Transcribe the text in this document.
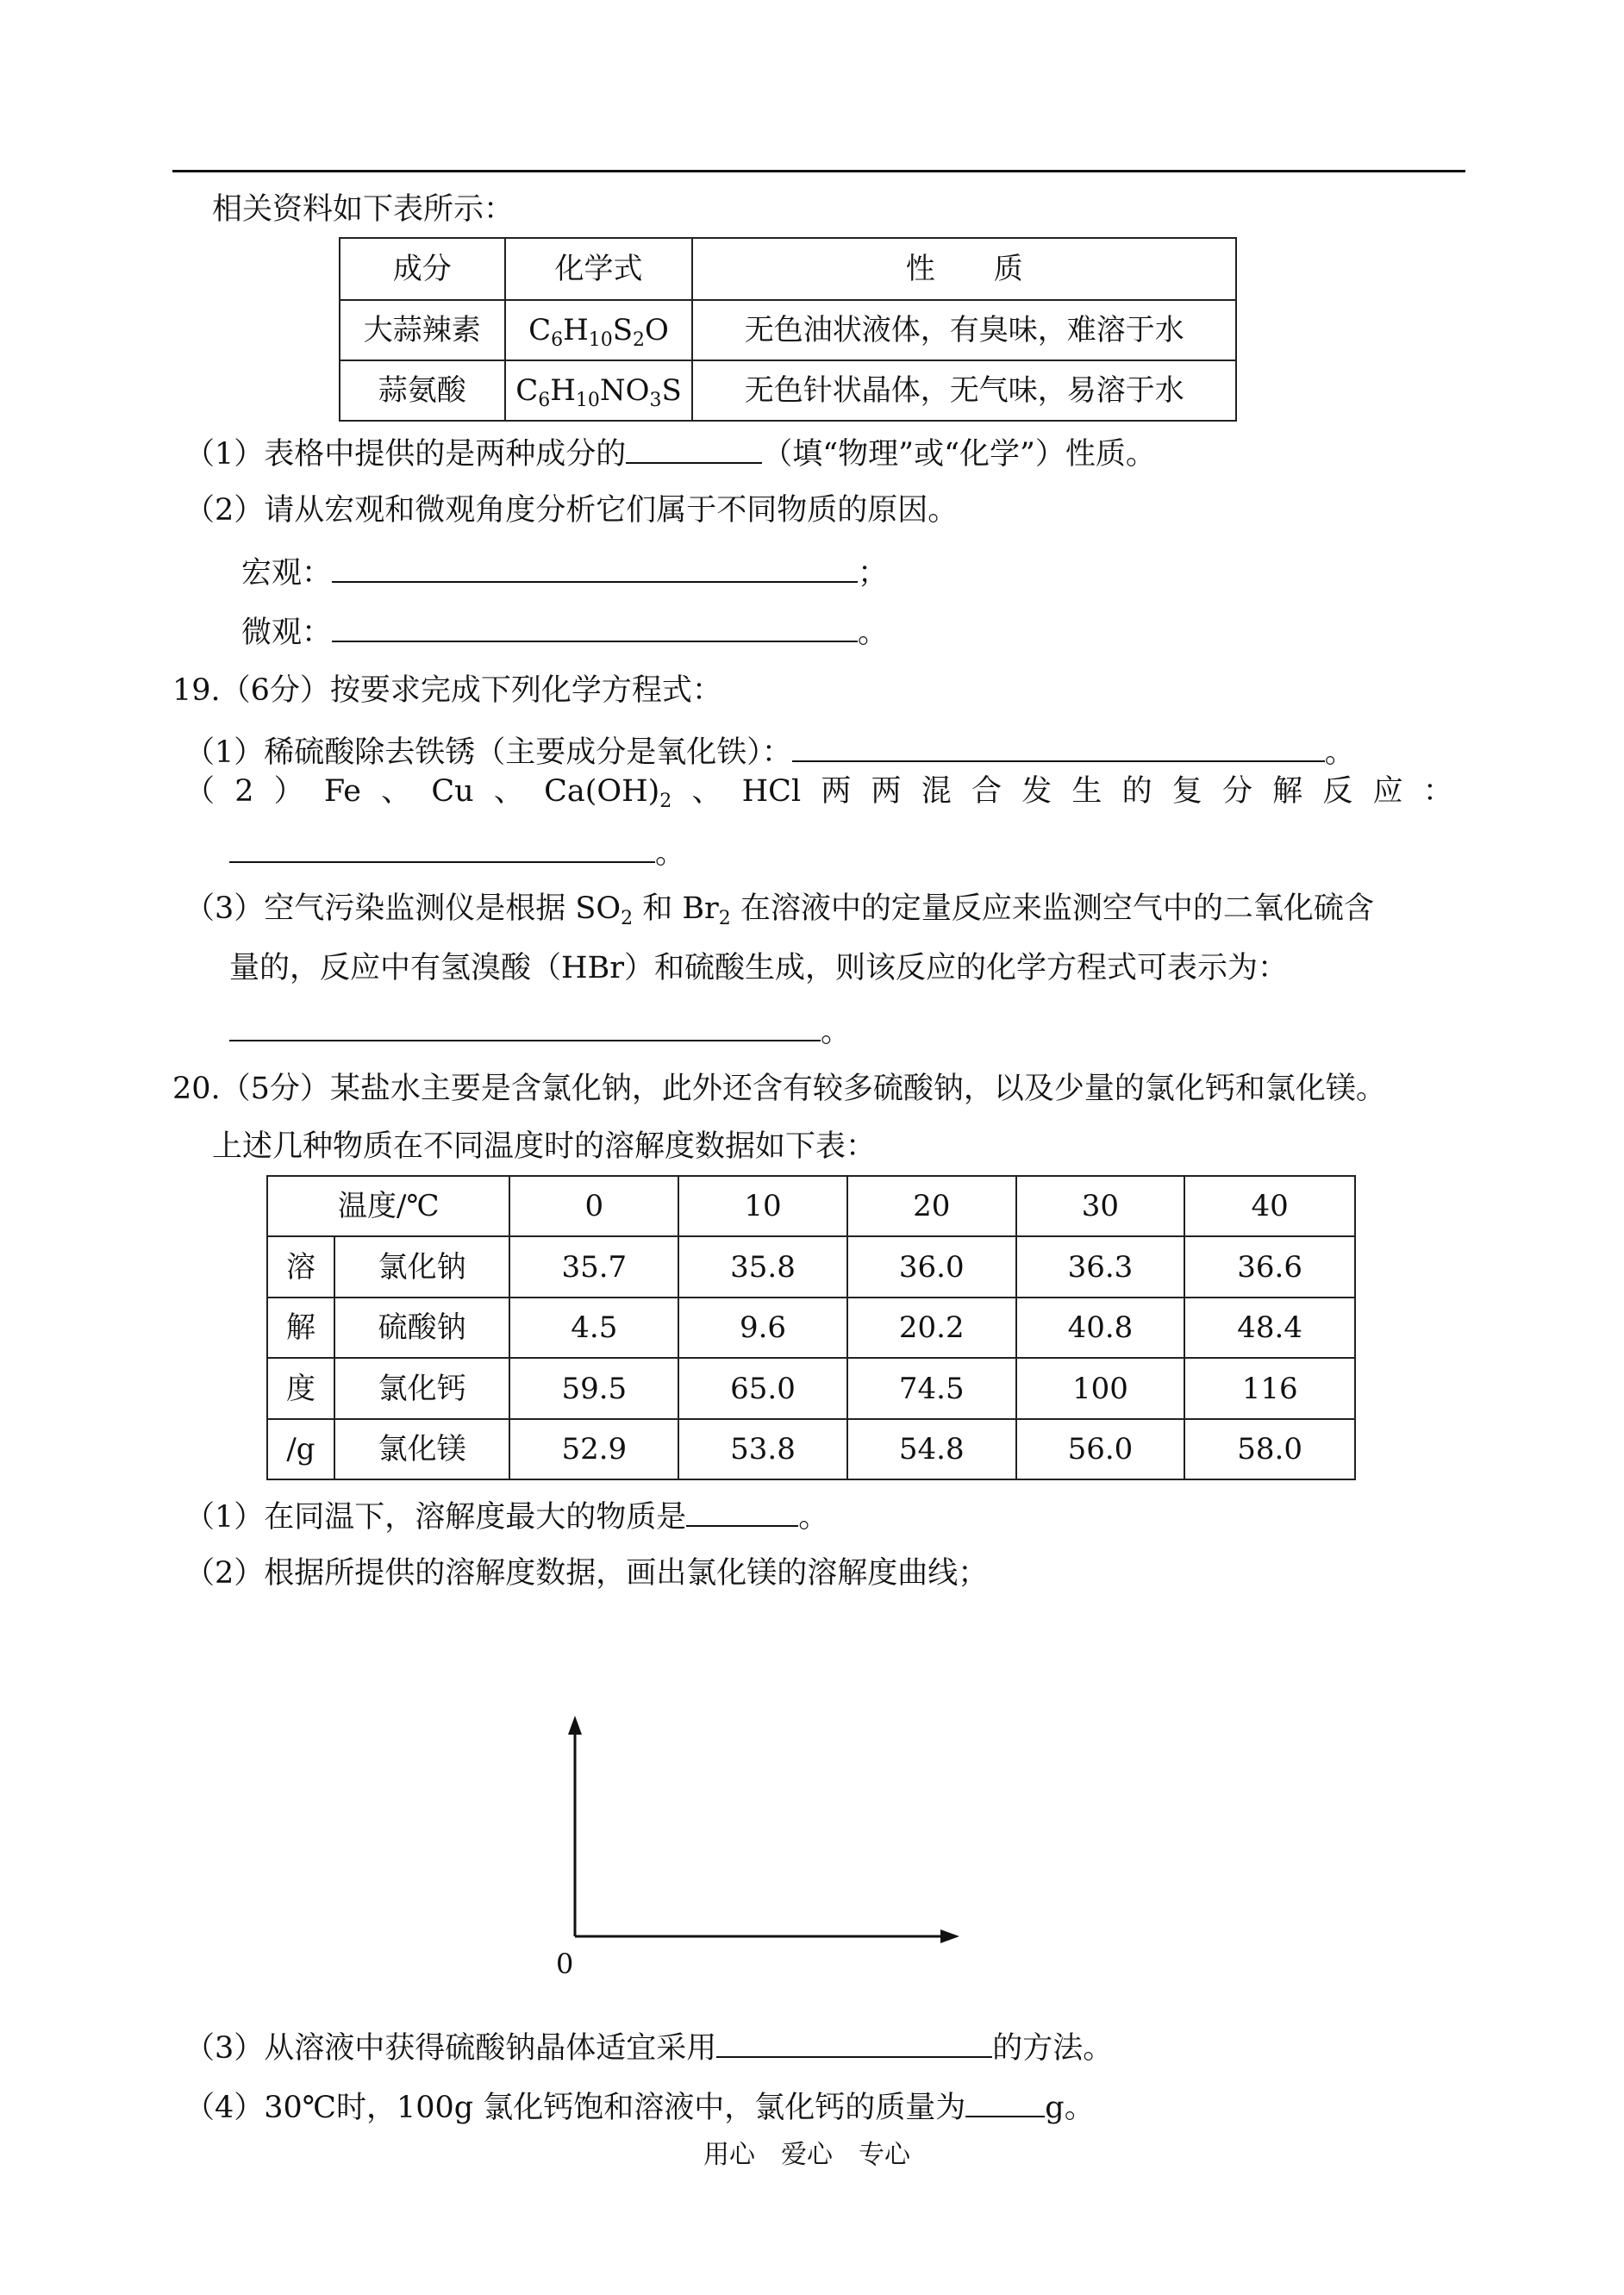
相关资料如下表所示：
成分	化学式	性　　质
大蒜辣素	$C_6H_{10}S_2O$	无色油状液体，有臭味，难溶于水
蒜氨酸	$C_6H_{10}NO_3S$	无色针状晶体，无气味，易溶于水
（1）表格中提供的是两种成分的	（填“物理”或“化学”）性质。
（2）请从宏观和微观角度分析它们属于不同物质的原因。
宏观：	；
微观：	。
19.（6分）按要求完成下列化学方程式：
（1）稀硫酸除去铁锈（主要成分是氧化铁）：	。
（ 2 ） Fe 、 Cu 、 $Ca(OH)_2$ 、 HCl 两 两 混 合 发 生 的 复 分 解 反 应 ：
。
（3）空气污染监测仪是根据 $SO_2$ 和 $Br_2$ 在溶液中的定量反应来监测空气中的二氧化硫含
量的，反应中有氢溴酸（HBr）和硫酸生成，则该反应的化学方程式可表示为：
。
20.（5分）某盐水主要是含氯化钠，此外还含有较多硫酸钠，以及少量的氯化钙和氯化镁。
上述几种物质在不同温度时的溶解度数据如下表：
温度/℃		0	10	20	30	40
溶	氯化钠	35.7	35.8	36.0	36.3	36.6
解	硫酸钠	4.5	9.6	20.2	40.8	48.4
度	氯化钙	59.5	65.0	74.5	100	116
/g	氯化镁	52.9	53.8	54.8	56.0	58.0
（1）在同温下，溶解度最大的物质是	。
（2）根据所提供的溶解度数据，画出氯化镁的溶解度曲线；
0
（3）从溶液中获得硫酸钠晶体适宜采用	的方法。
（4）30℃时，100g 氯化钙饱和溶液中，氯化钙的质量为	g。
用心　爱心　专心
